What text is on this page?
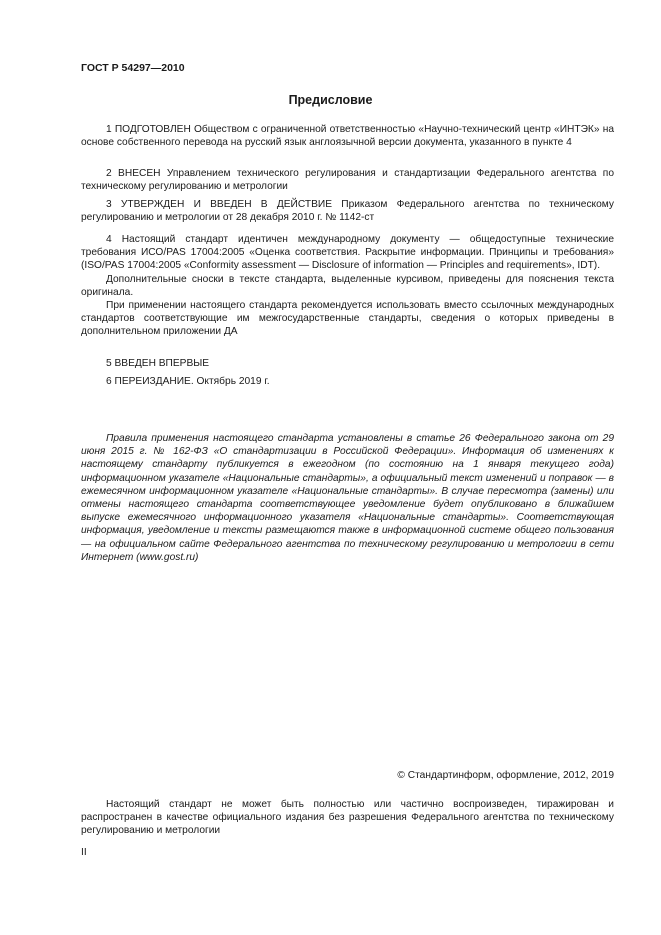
ГОСТ Р 54297—2010
Предисловие

1 ПОДГОТОВЛЕН Обществом с ограниченной ответственностью «Научно-технический центр «ИНТЭК» на основе собственного перевода на русский язык англоязычной версии документа, указанного в пункте 4

2 ВНЕСЕН Управлением технического регулирования и стандартизации Федерального агентства по техническому регулированию и метрологии

3 УТВЕРЖДЕН И ВВЕДЕН В ДЕЙСТВИЕ Приказом Федерального агентства по техническому регулированию и метрологии от 28 декабря 2010 г. № 1142-ст

4 Настоящий стандарт идентичен международному документу — общедоступные технические требования ИСО/PAS 17004:2005 «Оценка соответствия. Раскрытие информации. Принципы и требования» (ISO/PAS 17004:2005 «Conformity assessment — Disclosure of information — Principles and requirements», IDT).

Дополнительные сноски в тексте стандарта, выделенные курсивом, приведены для пояснения текста оригинала.

При применении настоящего стандарта рекомендуется использовать вместо ссылочных международных стандартов соответствующие им межгосударственные стандарты, сведения о которых приведены в дополнительном приложении ДА

5 ВВЕДЕН ВПЕРВЫЕ

6 ПЕРЕИЗДАНИЕ. Октябрь 2019 г.

Правила применения настоящего стандарта установлены в статье 26 Федерального закона от 29 июня 2015 г. № 162-ФЗ «О стандартизации в Российской Федерации». Информация об изменениях к настоящему стандарту публикуется в ежегодном (по состоянию на 1 января текущего года) информационном указателе «Национальные стандарты», а официальный текст изменений и поправок — в ежемесячном информационном указателе «Национальные стандарты». В случае пересмотра (замены) или отмены настоящего стандарта соответствующее уведомление будет опубликовано в ближайшем выпуске ежемесячного информационного указателя «Национальные стандарты». Соответствующая информация, уведомление и тексты размещаются также в информационной системе общего пользования — на официальном сайте Федерального агентства по техническому регулированию и метрологии в сети Интернет (www.gost.ru)

© Стандартинформ, оформление, 2012, 2019

Настоящий стандарт не может быть полностью или частично воспроизведен, тиражирован и распространен в качестве официального издания без разрешения Федерального агентства по техническому регулированию и метрологии

II
